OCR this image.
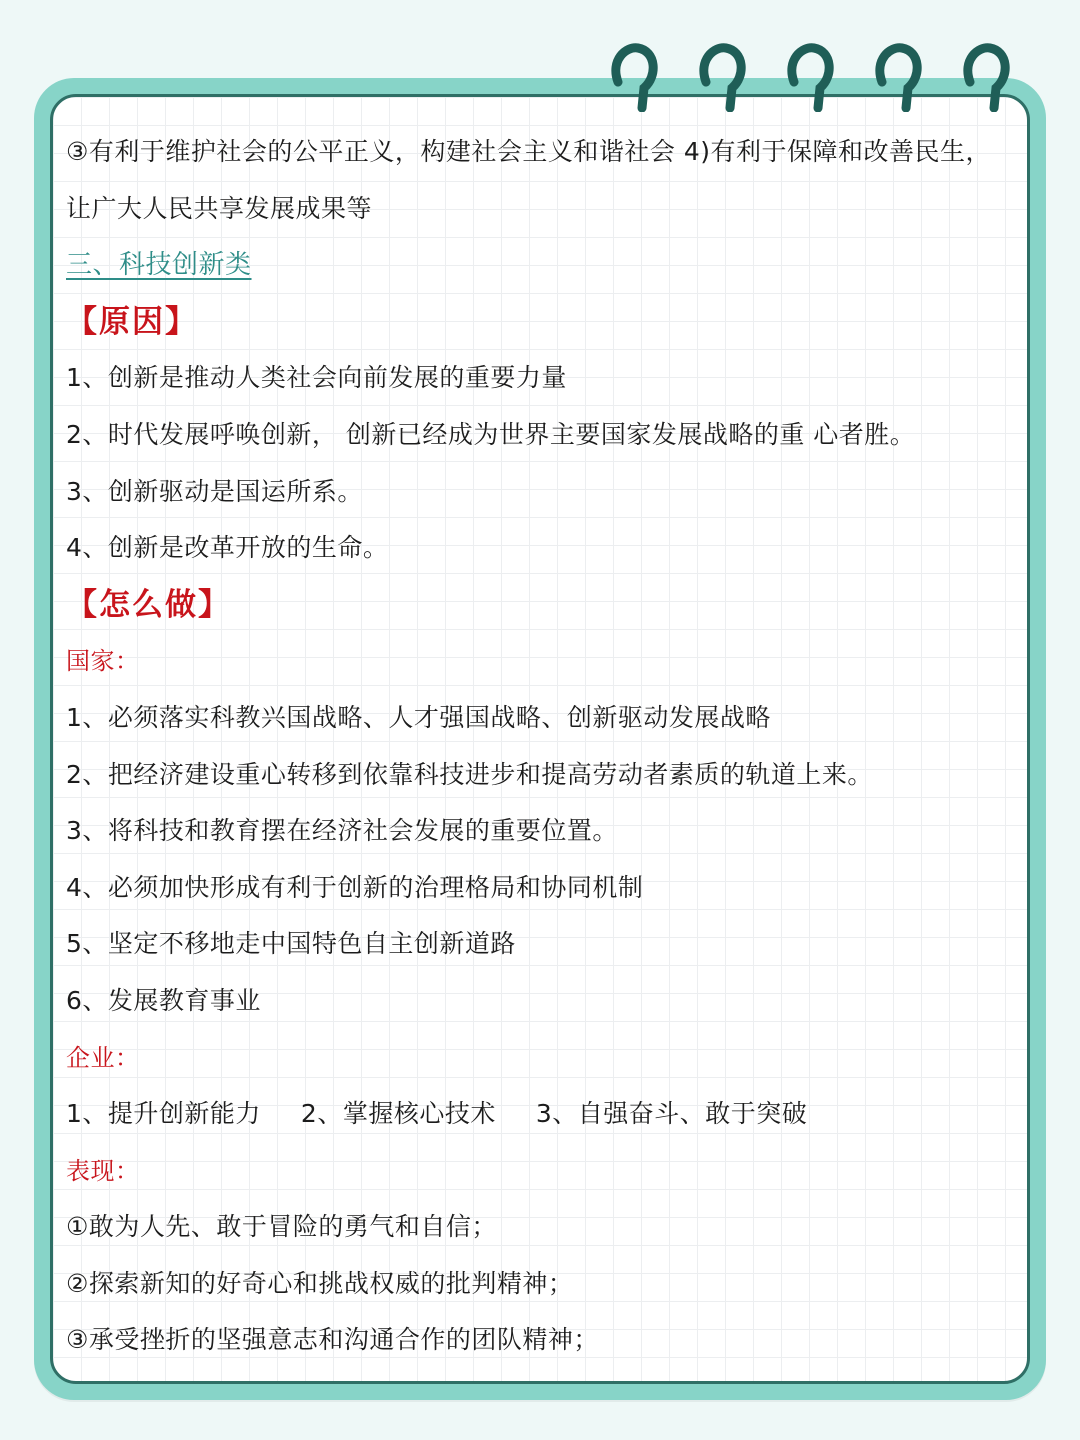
③有利于维护社会的公平正义，构建社会主义和谐社会 4)有利于保障和改善民生，
让广大人民共享发展成果等
三、科技创新类
【原因】
1、创新是推动人类社会向前发展的重要力量
2、时代发展呼唤创新， 创新已经成为世界主要国家发展战略的重 心者胜。
3、创新驱动是国运所系。
4、创新是改革开放的生命。
【怎么做】
国家：
1、必须落实科教兴国战略、人才强国战略、创新驱动发展战略
2、把经济建设重心转移到依靠科技进步和提高劳动者素质的轨道上来。
3、将科技和教育摆在经济社会发展的重要位置。
4、必须加快形成有利于创新的治理格局和协同机制
5、坚定不移地走中国特色自主创新道路
6、发展教育事业
企业：
1、提升创新能力 2、掌握核心技术 3、自强奋斗、敢于突破
表现：
①敢为人先、敢于冒险的勇气和自信；
②探索新知的好奇心和挑战权威的批判精神；
③承受挫折的坚强意志和沟通合作的团队精神；
